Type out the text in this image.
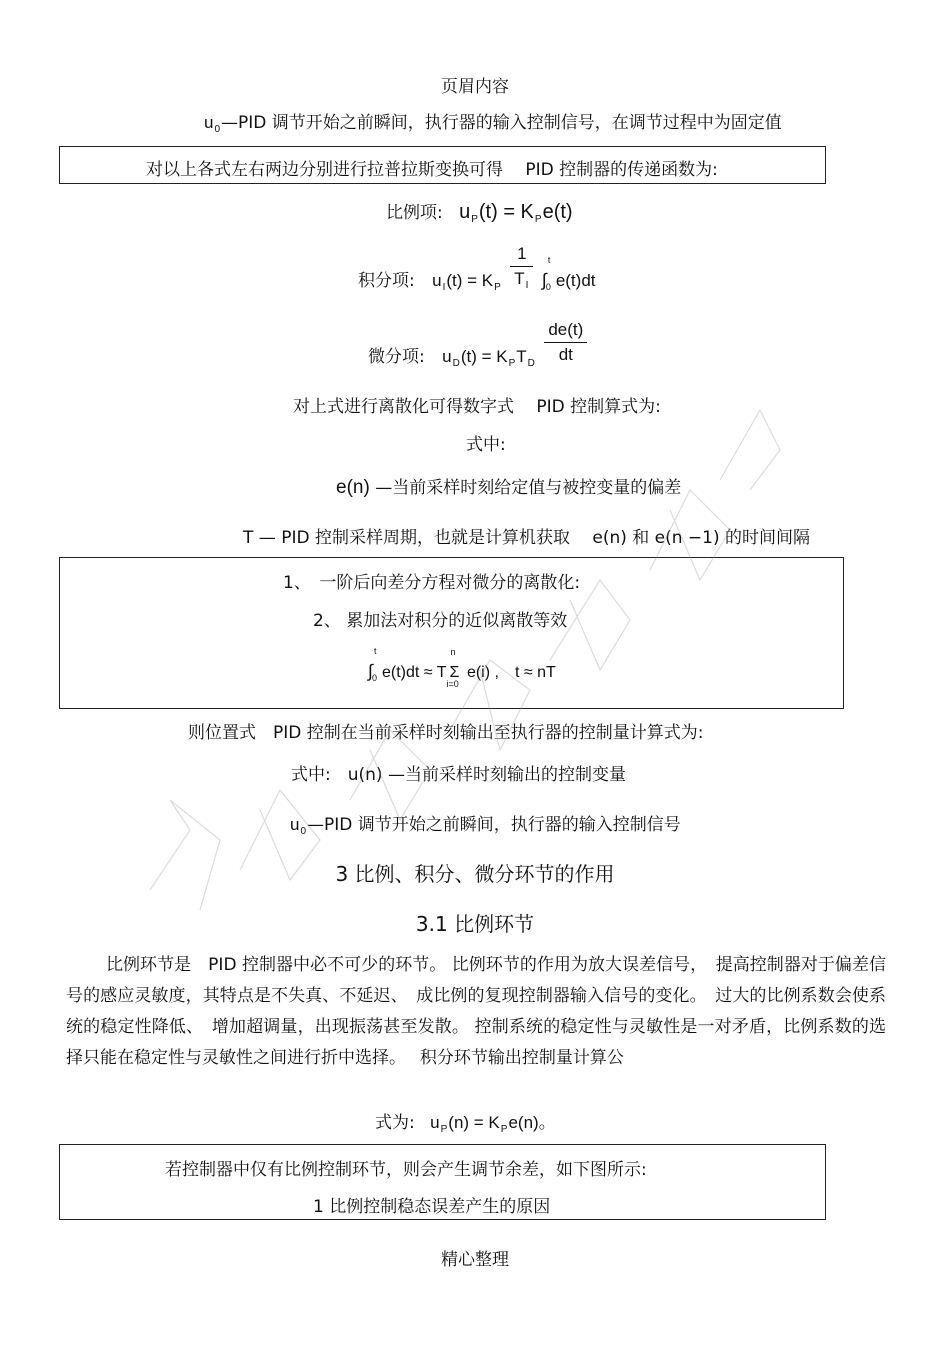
页眉内容
$u_0—PID$ 调节开始之前瞬间，执行器的输入控制信号，在调节过程中为固定值
对以上各式左右两边分别进行拉普拉斯变换可得　 PID 控制器的传递函数为:
比例项: $u_P(t) = K_Pe(t)$
积分项: $u_I(t) = K_P \frac{1}{T_I}$ ∫
t
0 e(t)dt
微分项: $u_D(t) = K_PT_D \frac{de(t)}{dt}$
对上式进行离散化可得数字式　 PID 控制算式为:
式中:
e(n) —当前采样时刻给定值与被控变量的偏差
T — PID 控制采样周期，也就是计算机获取　 e(n) 和 e(n −1) 的时间间隔
1、　一阶后向差分方程对微分的离散化:
2、 累加法对积分的近似离散等效
∫
t
0 e(t)dt ≈ T Σ
n
i=0
e(i) ,　t ≈ nT
则位置式　PID 控制在当前采样时刻输出至执行器的控制量计算式为:
式中:　u(n) —当前采样时刻输出的控制变量
$u_0—PID$ 调节开始之前瞬间，执行器的输入控制信号
3 比例、积分、微分环节的作用
3.1 比例环节
比例环节是　PID 控制器中必不可少的环节。 比例环节的作用为放大误差信号，　提高控制器对于偏差信号的感应灵敏度，其特点是不失真、不延迟、　成比例的复现控制器输入信号的变化。　过大的比例系数会使系统的稳定性降低、　增加超调量，出现振荡甚至发散。 控制系统的稳定性与灵敏性是一对矛盾，比例系数的选择只能在稳定性与灵敏性之间进行折中选择。　 积分环节输出控制量计算公
式为: $u_P(n) = K_Pe(n)$。
若控制器中仅有比例控制环节，则会产生调节余差，如下图所示:
1 比例控制稳态误差产生的原因
精心整理
